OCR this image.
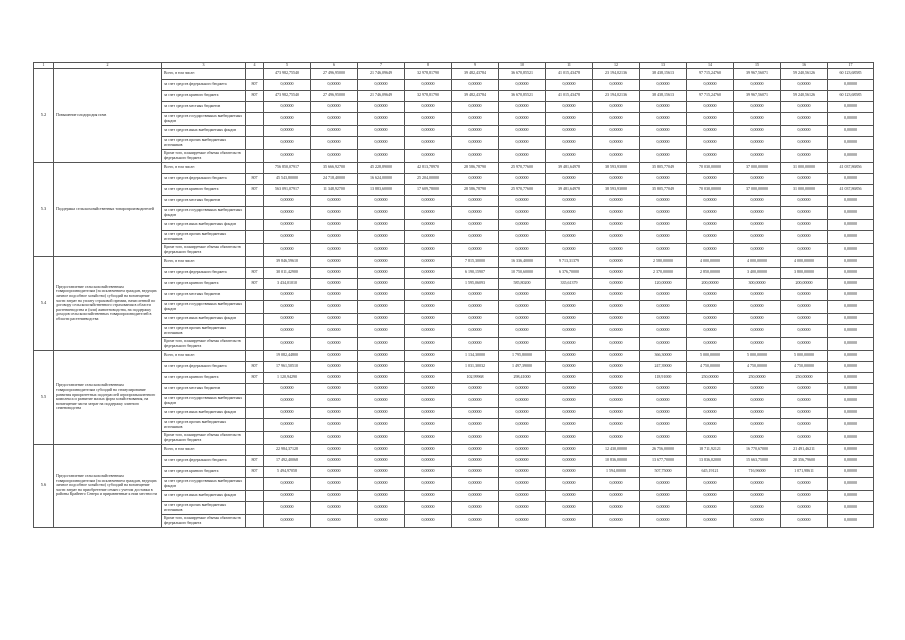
1	2	3	4	5	6	7	8	9	10	11	12	13	14	15	16	17
5.2	Повышение плодородия почв	Всего, в том числе:		473 982,75540	27 496,95000	21 746,09649	32 978,81790	39 482,43784	36 670,85521	41 015,43478	23 194,02136	38 438,15613	97 715,24760	39 967,56071	59 240,56126	60 123,68585
		за счет средств федерального бюджета	807	0,00000	0,00000	0,00000	0,00000	0,00000	0,00000	0,00000	0,00000	0,00000	0,00000	0,00000	0,00000	0,00000
		за счет средств краевого бюджета	807	473 982,75540	27 496,95000	21 746,09649	32 978,81790	39 482,43784	36 670,85521	41 015,43478	23 194,02136	38 438,15613	97 715,24760	39 967,56071	59 240,56126	60 123,68585
		за счет средств местных бюджетов		0,00000	0,00000	0,00000	0,00000	0,00000	0,00000	0,00000	0,00000	0,00000	0,00000	0,00000	0,00000	0,00000
		за счет средств государственных внебюджетных фондов		0,00000	0,00000	0,00000	0,00000	0,00000	0,00000	0,00000	0,00000	0,00000	0,00000	0,00000	0,00000	0,00000
		за счет средств иных внебюджетных фондов		0,00000	0,00000	0,00000	0,00000	0,00000	0,00000	0,00000	0,00000	0,00000	0,00000	0,00000	0,00000	0,00000
		за счет средств прочих внебюджетных источников		0,00000	0,00000	0,00000	0,00000	0,00000	0,00000	0,00000	0,00000	0,00000	0,00000	0,00000	0,00000	0,00000
		Кроме того, планируемые объемы обязательств федерального бюджета		0,00000	0,00000	0,00000	0,00000	0,00000	0,00000	0,00000	0,00000	0,00000	0,00000	0,00000	0,00000	0,00000
5.3	Поддержка сельскохозяйственных товаропроизводителей	Всего, в том числе:		756 850,07917	35 666,92700	45 228,89000	42 813,78970	28 586,78790	25 970,77600	39 481,64978	38 593,93000	35 805,77049	70 030,00000	37 000,00000	31 000,00000	41 037,86856
		за счет средств федерального бюджета	807	45 543,80000	24 718,40000	16 624,00000	25 204,00000	0,00000	0,00000	0,00000	0,00000	0,00000	0,00000	0,00000	0,00000	0,00000
		за счет средств краевого бюджета	807	563 091,07917	11 348,92700	13 883,60000	17 609,78000	28 586,78790	25 970,77600	39 481,64978	38 593,93000	35 805,77049	70 030,00000	37 000,00000	31 000,00000	41 037,86856
		за счет средств местных бюджетов		0,00000	0,00000	0,00000	0,00000	0,00000	0,00000	0,00000	0,00000	0,00000	0,00000	0,00000	0,00000	0,00000
		за счет средств государственных внебюджетных фондов		0,00000	0,00000	0,00000	0,00000	0,00000	0,00000	0,00000	0,00000	0,00000	0,00000	0,00000	0,00000	0,00000
		за счет средств иных внебюджетных фондов		0,00000	0,00000	0,00000	0,00000	0,00000	0,00000	0,00000	0,00000	0,00000	0,00000	0,00000	0,00000	0,00000
		за счет средств прочих внебюджетных источников		0,00000	0,00000	0,00000	0,00000	0,00000	0,00000	0,00000	0,00000	0,00000	0,00000	0,00000	0,00000	0,00000
		Кроме того, планируемые объемы обязательств федерального бюджета		0,00000	0,00000	0,00000	0,00000	0,00000	0,00000	0,00000	0,00000	0,00000	0,00000	0,00000	0,00000	0,00000
5.4	Предоставление сельскохозяйственным товаропроизводителям (за исключением граждан, ведущих личное подсобное хозяйство) субсидий на возмещение части затрат на уплату страховой премии, начисленной по договору сельскохозяйственного страхования в области растениеводства и (или) животноводства, на поддержку доходов сельскохозяйственных товаропроизводителей в области растениеводства	Всего, в том числе:		39 846,59610	0,00000	0,00000	0,00000	7 815,30000	16 336,40000	9 713,31379	0,00000	2 580,00000	4 000,00000	4 000,00000	4 000,00000	0,00000
		за счет средств федерального бюджета	807	30 011,42900	0,00000	0,00000	0,00000	6 190,15907	10 750,60000	6 376,70000	0,00000	2 370,00000	2 850,00000	3 400,00000	3 800,00000	0,00000
		за счет средств краевого бюджета	807	3 434,01010	0,00000	0,00000	0,00000	1 595,06093	585,80200	335,61379	0,00000	120,00000	200,00000	300,00000	200,00000	0,00000
		за счет средств местных бюджетов		0,00000	0,00000	0,00000	0,00000	0,00000	0,00000	0,00000	0,00000	0,00000	0,00000	0,00000	0,00000	0,00000
		за счет средств государственных внебюджетных фондов		0,00000	0,00000	0,00000	0,00000	0,00000	0,00000	0,00000	0,00000	0,00000	0,00000	0,00000	0,00000	0,00000
		за счет средств иных внебюджетных фондов		0,00000	0,00000	0,00000	0,00000	0,00000	0,00000	0,00000	0,00000	0,00000	0,00000	0,00000	0,00000	0,00000
		за счет средств прочих внебюджетных источников		0,00000	0,00000	0,00000	0,00000	0,00000	0,00000	0,00000	0,00000	0,00000	0,00000	0,00000	0,00000	0,00000
		Кроме того, планируемые объемы обязательств федерального бюджета		0,00000	0,00000	0,00000	0,00000	0,00000	0,00000	0,00000	0,00000	0,00000	0,00000	0,00000	0,00000	0,00000
5.5	Предоставление сельскохозяйственным товаропроизводителям субсидий на стимулирование развития приоритетных подотраслей агропромышленного комплекса и развитие малых форм хозяйствования, на возмещение части затрат на поддержку элитного семеноводства	Всего, в том числе:		19 082,44800	0,00000	0,00000	0,00000	1 134,30000	1 795,80000	0,00000	0,00000	366,30000	5 000,00000	5 000,00000	5 000,00000	0,00000
		за счет средств федерального бюджета	807	17 961,50510	0,00000	0,00000	0,00000	1 031,30032	1 497,39000	0,00000	0,00000	247,39000	4 750,00000	4 750,00000	4 750,00000	0,00000
		за счет средств краевого бюджета	807	1 120,94290	0,00000	0,00000	0,00000	102,99968	298,41000	0,00000	0,00000	118,91000	250,00000	250,00000	250,00000	0,00000
		за счет средств местных бюджетов		0,00000	0,00000	0,00000	0,00000	0,00000	0,00000	0,00000	0,00000	0,00000	0,00000	0,00000	0,00000	0,00000
		за счет средств государственных внебюджетных фондов		0,00000	0,00000	0,00000	0,00000	0,00000	0,00000	0,00000	0,00000	0,00000	0,00000	0,00000	0,00000	0,00000
		за счет средств иных внебюджетных фондов		0,00000	0,00000	0,00000	0,00000	0,00000	0,00000	0,00000	0,00000	0,00000	0,00000	0,00000	0,00000	0,00000
		за счет средств прочих внебюджетных источников		0,00000	0,00000	0,00000	0,00000	0,00000	0,00000	0,00000	0,00000	0,00000	0,00000	0,00000	0,00000	0,00000
		Кроме того, планируемые объемы обязательств федерального бюджета		0,00000	0,00000	0,00000	0,00000	0,00000	0,00000	0,00000	0,00000	0,00000	0,00000	0,00000	0,00000	0,00000
5.6	Предоставление сельскохозяйственным товаропроизводителям (за исключением граждан, ведущих личное подсобное хозяйство) субсидий на возмещение части затрат на приобретение семян с учетом доставки в районы Крайнего Севера и приравненные к ним местности	Всего, в том числе:		22 984,37128	0,00000	0,00000	0,00000	0,00000	0,00000	0,00000	12 430,00000	26 756,00000	18 711,92121	16 770,67000	21 491,46211	0,00000
		за счет средств федерального бюджета	807	17 492,40068	0,00000	0,00000	0,00000	0,00000	0,00000	0,00000	10 836,00000	13 677,70000	13 836,02000	15 663,75000	20 356,79600	0,00000
		за счет средств краевого бюджета	807	5 494,97058	0,00000	0,00000	0,00000	0,00000	0,00000	0,00000	1 594,00000	507,75000	645,19121	716,96000	1 071,98611	0,00000
		за счет средств государственных внебюджетных фондов		0,00000	0,00000	0,00000	0,00000	0,00000	0,00000	0,00000	0,00000	0,00000	0,00000	0,00000	0,00000	0,00000
		за счет средств иных внебюджетных фондов		0,00000	0,00000	0,00000	0,00000	0,00000	0,00000	0,00000	0,00000	0,00000	0,00000	0,00000	0,00000	0,00000
		за счет средств прочих внебюджетных источников		0,00000	0,00000	0,00000	0,00000	0,00000	0,00000	0,00000	0,00000	0,00000	0,00000	0,00000	0,00000	0,00000
		Кроме того, планируемые объемы обязательств федерального бюджета		0,00000	0,00000	0,00000	0,00000	0,00000	0,00000	0,00000	0,00000	0,00000	0,00000	0,00000	0,00000	0,00000
